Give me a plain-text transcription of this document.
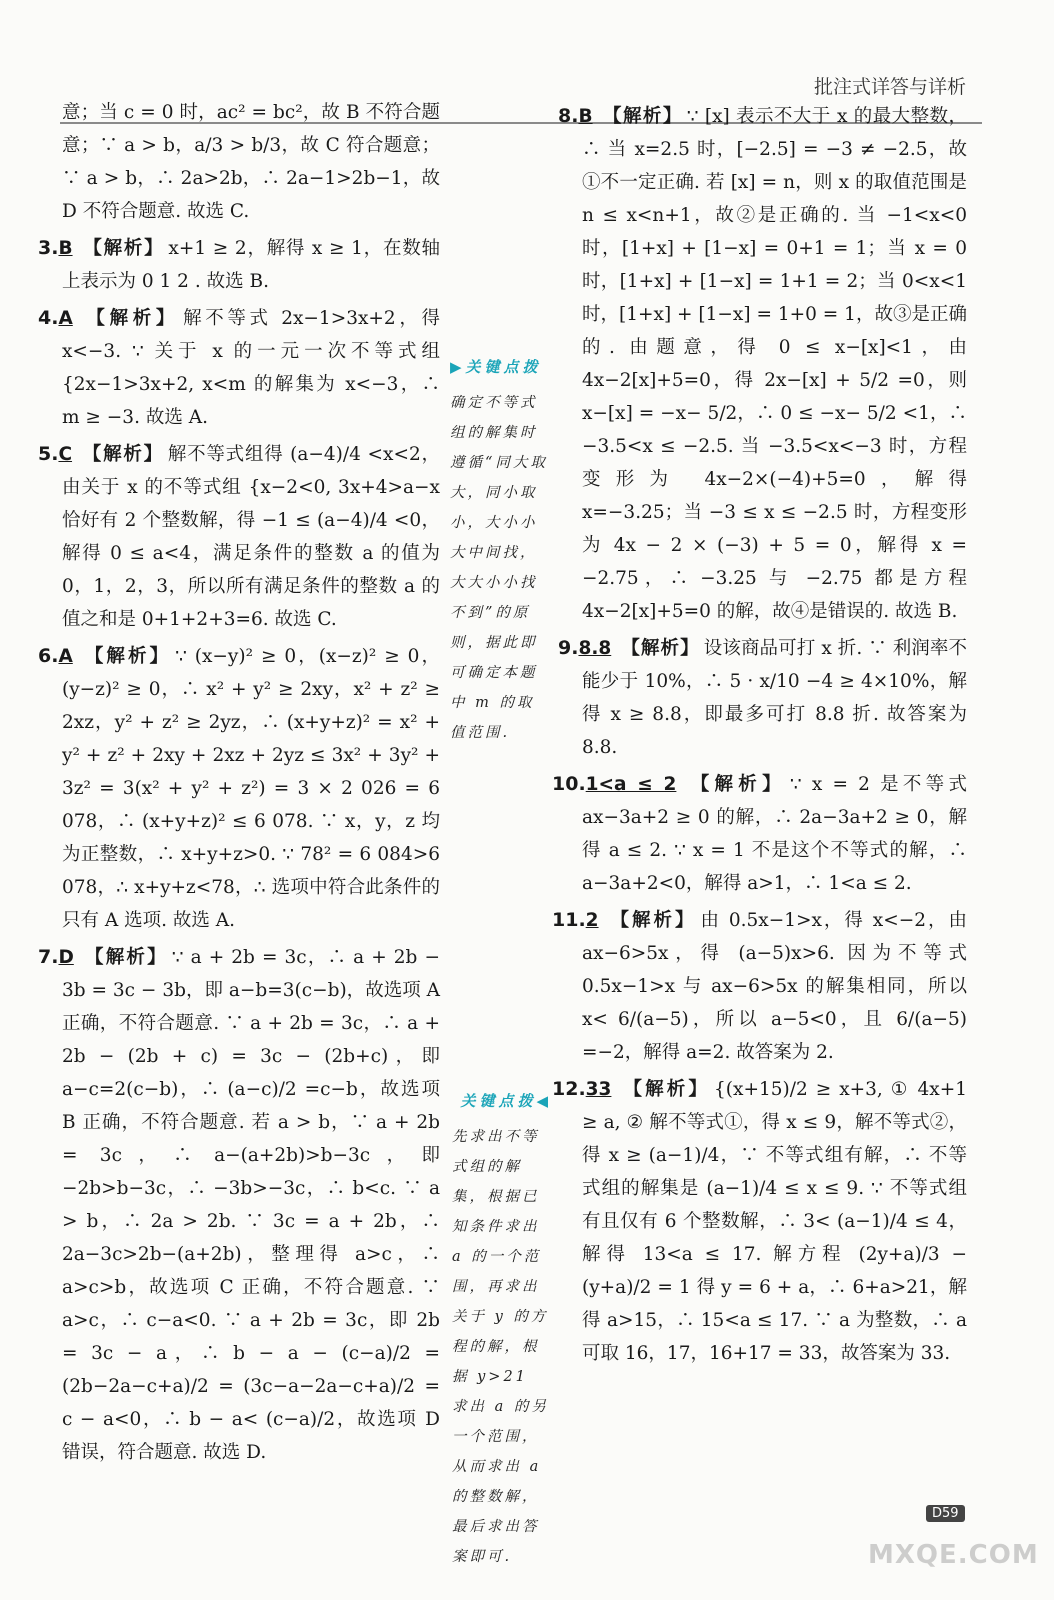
批注式详答与详析

意；当 c = 0 时，ac² = bc²，故 B 不符合题意；∵ a > b，a/3 > b/3，故 C 符合题意；∵ a > b，∴ 2a>2b，∴ 2a−1>2b−1，故 D 不符合题意. 故选 C.

3.B 【解析】 x+1 ≥ 2，解得 x ≥ 1，在数轴上表示为 0 1 2 . 故选 B.

4.A 【解析】 解不等式 2x−1>3x+2，得 x<−3. ∵ 关于 x 的一元一次不等式组 {2x−1>3x+2, x<m 的解集为 x<−3，∴ m ≥ −3. 故选 A.

5.C 【解析】 解不等式组得 (a−4)/4 <x<2，由关于 x 的不等式组 {x−2<0, 3x+4>a−x 恰好有 2 个整数解，得 −1 ≤ (a−4)/4 <0，解得 0 ≤ a<4，满足条件的整数 a 的值为 0，1，2，3，所以所有满足条件的整数 a 的值之和是 0+1+2+3=6. 故选 C.

6.A 【解析】 ∵ (x−y)² ≥ 0，(x−z)² ≥ 0，(y−z)² ≥ 0，∴ x² + y² ≥ 2xy，x² + z² ≥ 2xz，y² + z² ≥ 2yz，∴ (x+y+z)² = x² + y² + z² + 2xy + 2xz + 2yz ≤ 3x² + 3y² + 3z² = 3(x² + y² + z²) = 3 × 2 026 = 6 078，∴ (x+y+z)² ≤ 6 078. ∵ x，y，z 均为正整数，∴ x+y+z>0. ∵ 78² = 6 084>6 078，∴ x+y+z<78，∴ 选项中符合此条件的只有 A 选项. 故选 A.

7.D 【解析】 ∵ a + 2b = 3c，∴ a + 2b − 3b = 3c − 3b，即 a−b=3(c−b)，故选项 A 正确，不符合题意. ∵ a + 2b = 3c，∴ a + 2b − (2b + c) = 3c − (2b+c)，即 a−c=2(c−b)，∴ (a−c)/2 =c−b，故选项 B 正确，不符合题意. 若 a > b，∵ a + 2b = 3c，∴ a−(a+2b)>b−3c，即 −2b>b−3c，∴ −3b>−3c，∴ b<c. ∵ a > b，∴ 2a > 2b. ∵ 3c = a + 2b，∴ 2a−3c>2b−(a+2b)，整理得 a>c，∴ a>c>b，故选项 C 正确，不符合题意. ∵ a>c，∴ c−a<0. ∵ a + 2b = 3c，即 2b = 3c − a，∴ b − a − (c−a)/2 = (2b−2a−c+a)/2 = (3c−a−2a−c+a)/2 = c − a<0，∴ b − a< (c−a)/2，故选项 D 错误，符合题意. 故选 D.

▶关键点拨
确定不等式组的解集时遵循“同大取大，同小取小，大小小大中间找，大大小小找不到”的原则，据此即可确定本题中 m 的取值范围.
关键点拨◀
先求出不等式组的解集，根据已知条件求出 a 的一个范围，再求出关于 y 的方程的解，根据 y>21 求出 a 的另一个范围，从而求出 a 的整数解，最后求出答案即可.

8.B 【解析】 ∵ [x] 表示不大于 x 的最大整数，∴ 当 x=2.5 时，[−2.5] = −3 ≠ −2.5，故①不一定正确. 若 [x] = n，则 x 的取值范围是 n ≤ x<n+1，故②是正确的. 当 −1<x<0 时，[1+x] + [1−x] = 0+1 = 1；当 x = 0 时，[1+x] + [1−x] = 1+1 = 2；当 0<x<1 时，[1+x] + [1−x] = 1+0 = 1，故③是正确的. 由题意，得 0 ≤ x−[x]<1，由 4x−2[x]+5=0，得 2x−[x] + 5/2 =0，则 x−[x] = −x− 5/2，∴ 0 ≤ −x− 5/2 <1，∴ −3.5<x ≤ −2.5. 当 −3.5<x<−3 时，方程变形为 4x−2×(−4)+5=0，解得 x=−3.25；当 −3 ≤ x ≤ −2.5 时，方程变形为 4x − 2 × (−3) + 5 = 0，解得 x = −2.75，∴ −3.25 与 −2.75 都是方程 4x−2[x]+5=0 的解，故④是错误的. 故选 B.

9.8.8 【解析】 设该商品可打 x 折. ∵ 利润率不能少于 10%，∴ 5 · x/10 −4 ≥ 4×10%，解得 x ≥ 8.8，即最多可打 8.8 折. 故答案为 8.8.

10.1<a ≤ 2 【解析】 ∵ x = 2 是不等式 ax−3a+2 ≥ 0 的解，∴ 2a−3a+2 ≥ 0，解得 a ≤ 2. ∵ x = 1 不是这个不等式的解，∴ a−3a+2<0，解得 a>1，∴ 1<a ≤ 2.

11.2 【解析】 由 0.5x−1>x，得 x<−2，由 ax−6>5x，得 (a−5)x>6. 因为不等式 0.5x−1>x 与 ax−6>5x 的解集相同，所以 x< 6/(a−5)，所以 a−5<0，且 6/(a−5) =−2，解得 a=2. 故答案为 2.

12.33 【解析】 {(x+15)/2 ≥ x+3, ① 4x+1 ≥ a, ② 解不等式①，得 x ≤ 9，解不等式②，得 x ≥ (a−1)/4，∵ 不等式组有解，∴ 不等式组的解集是 (a−1)/4 ≤ x ≤ 9. ∵ 不等式组有且仅有 6 个整数解，∴ 3< (a−1)/4 ≤ 4，解得 13<a ≤ 17. 解方程 (2y+a)/3 − (y+a)/2 = 1 得 y = 6 + a，∴ 6+a>21，解得 a>15，∴ 15<a ≤ 17. ∵ a 为整数，∴ a 可取 16，17，16+17 = 33，故答案为 33.

D59
MXQE.COM
